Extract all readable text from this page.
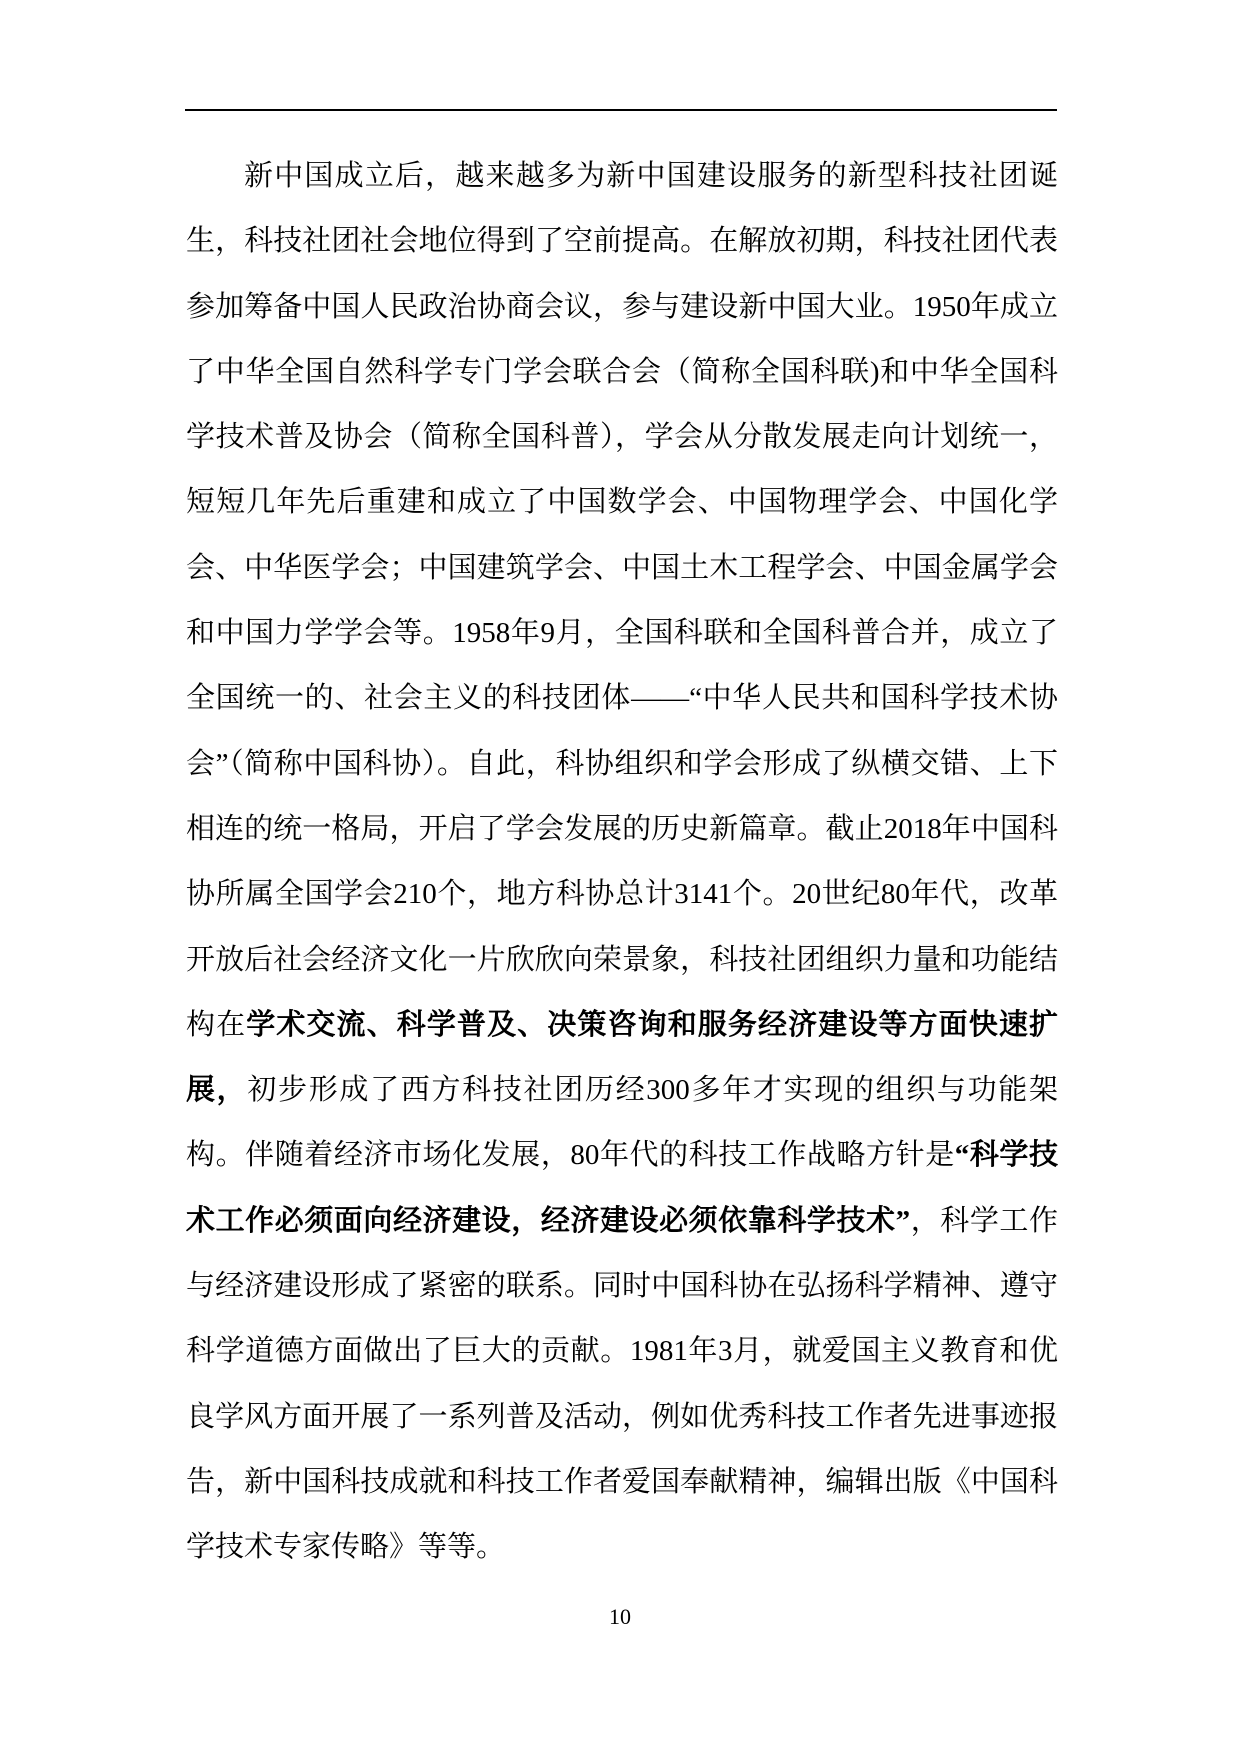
新中国成立后，越来越多为新中国建设服务的新型科技社团诞生，科技社团社会地位得到了空前提高。在解放初期，科技社团代表参加筹备中国人民政治协商会议，参与建设新中国大业。1950年成立了中华全国自然科学专门学会联合会（简称全国科联)和中华全国科学技术普及协会（简称全国科普），学会从分散发展走向计划统一，短短几年先后重建和成立了中国数学会、中国物理学会、中国化学会、中华医学会；中国建筑学会、中国土木工程学会、中国金属学会和中国力学学会等。1958年9月，全国科联和全国科普合并，成立了全国统一的、社会主义的科技团体——“中华人民共和国科学技术协会”（简称中国科协）。自此，科协组织和学会形成了纵横交错、上下相连的统一格局，开启了学会发展的历史新篇章。截止2018年中国科协所属全国学会210个，地方科协总计3141个。20世纪80年代，改革开放后社会经济文化一片欣欣向荣景象，科技社团组织力量和功能结构在学术交流、科学普及、决策咨询和服务经济建设等方面快速扩展，初步形成了西方科技社团历经300多年才实现的组织与功能架构。伴随着经济市场化发展，80年代的科技工作战略方针是“科学技术工作必须面向经济建设，经济建设必须依靠科学技术”，科学工作与经济建设形成了紧密的联系。同时中国科协在弘扬科学精神、遵守科学道德方面做出了巨大的贡献。1981年3月，就爱国主义教育和优良学风方面开展了一系列普及活动，例如优秀科技工作者先进事迹报告，新中国科技成就和科技工作者爱国奉献精神，编辑出版《中国科学技术专家传略》等等。

10
